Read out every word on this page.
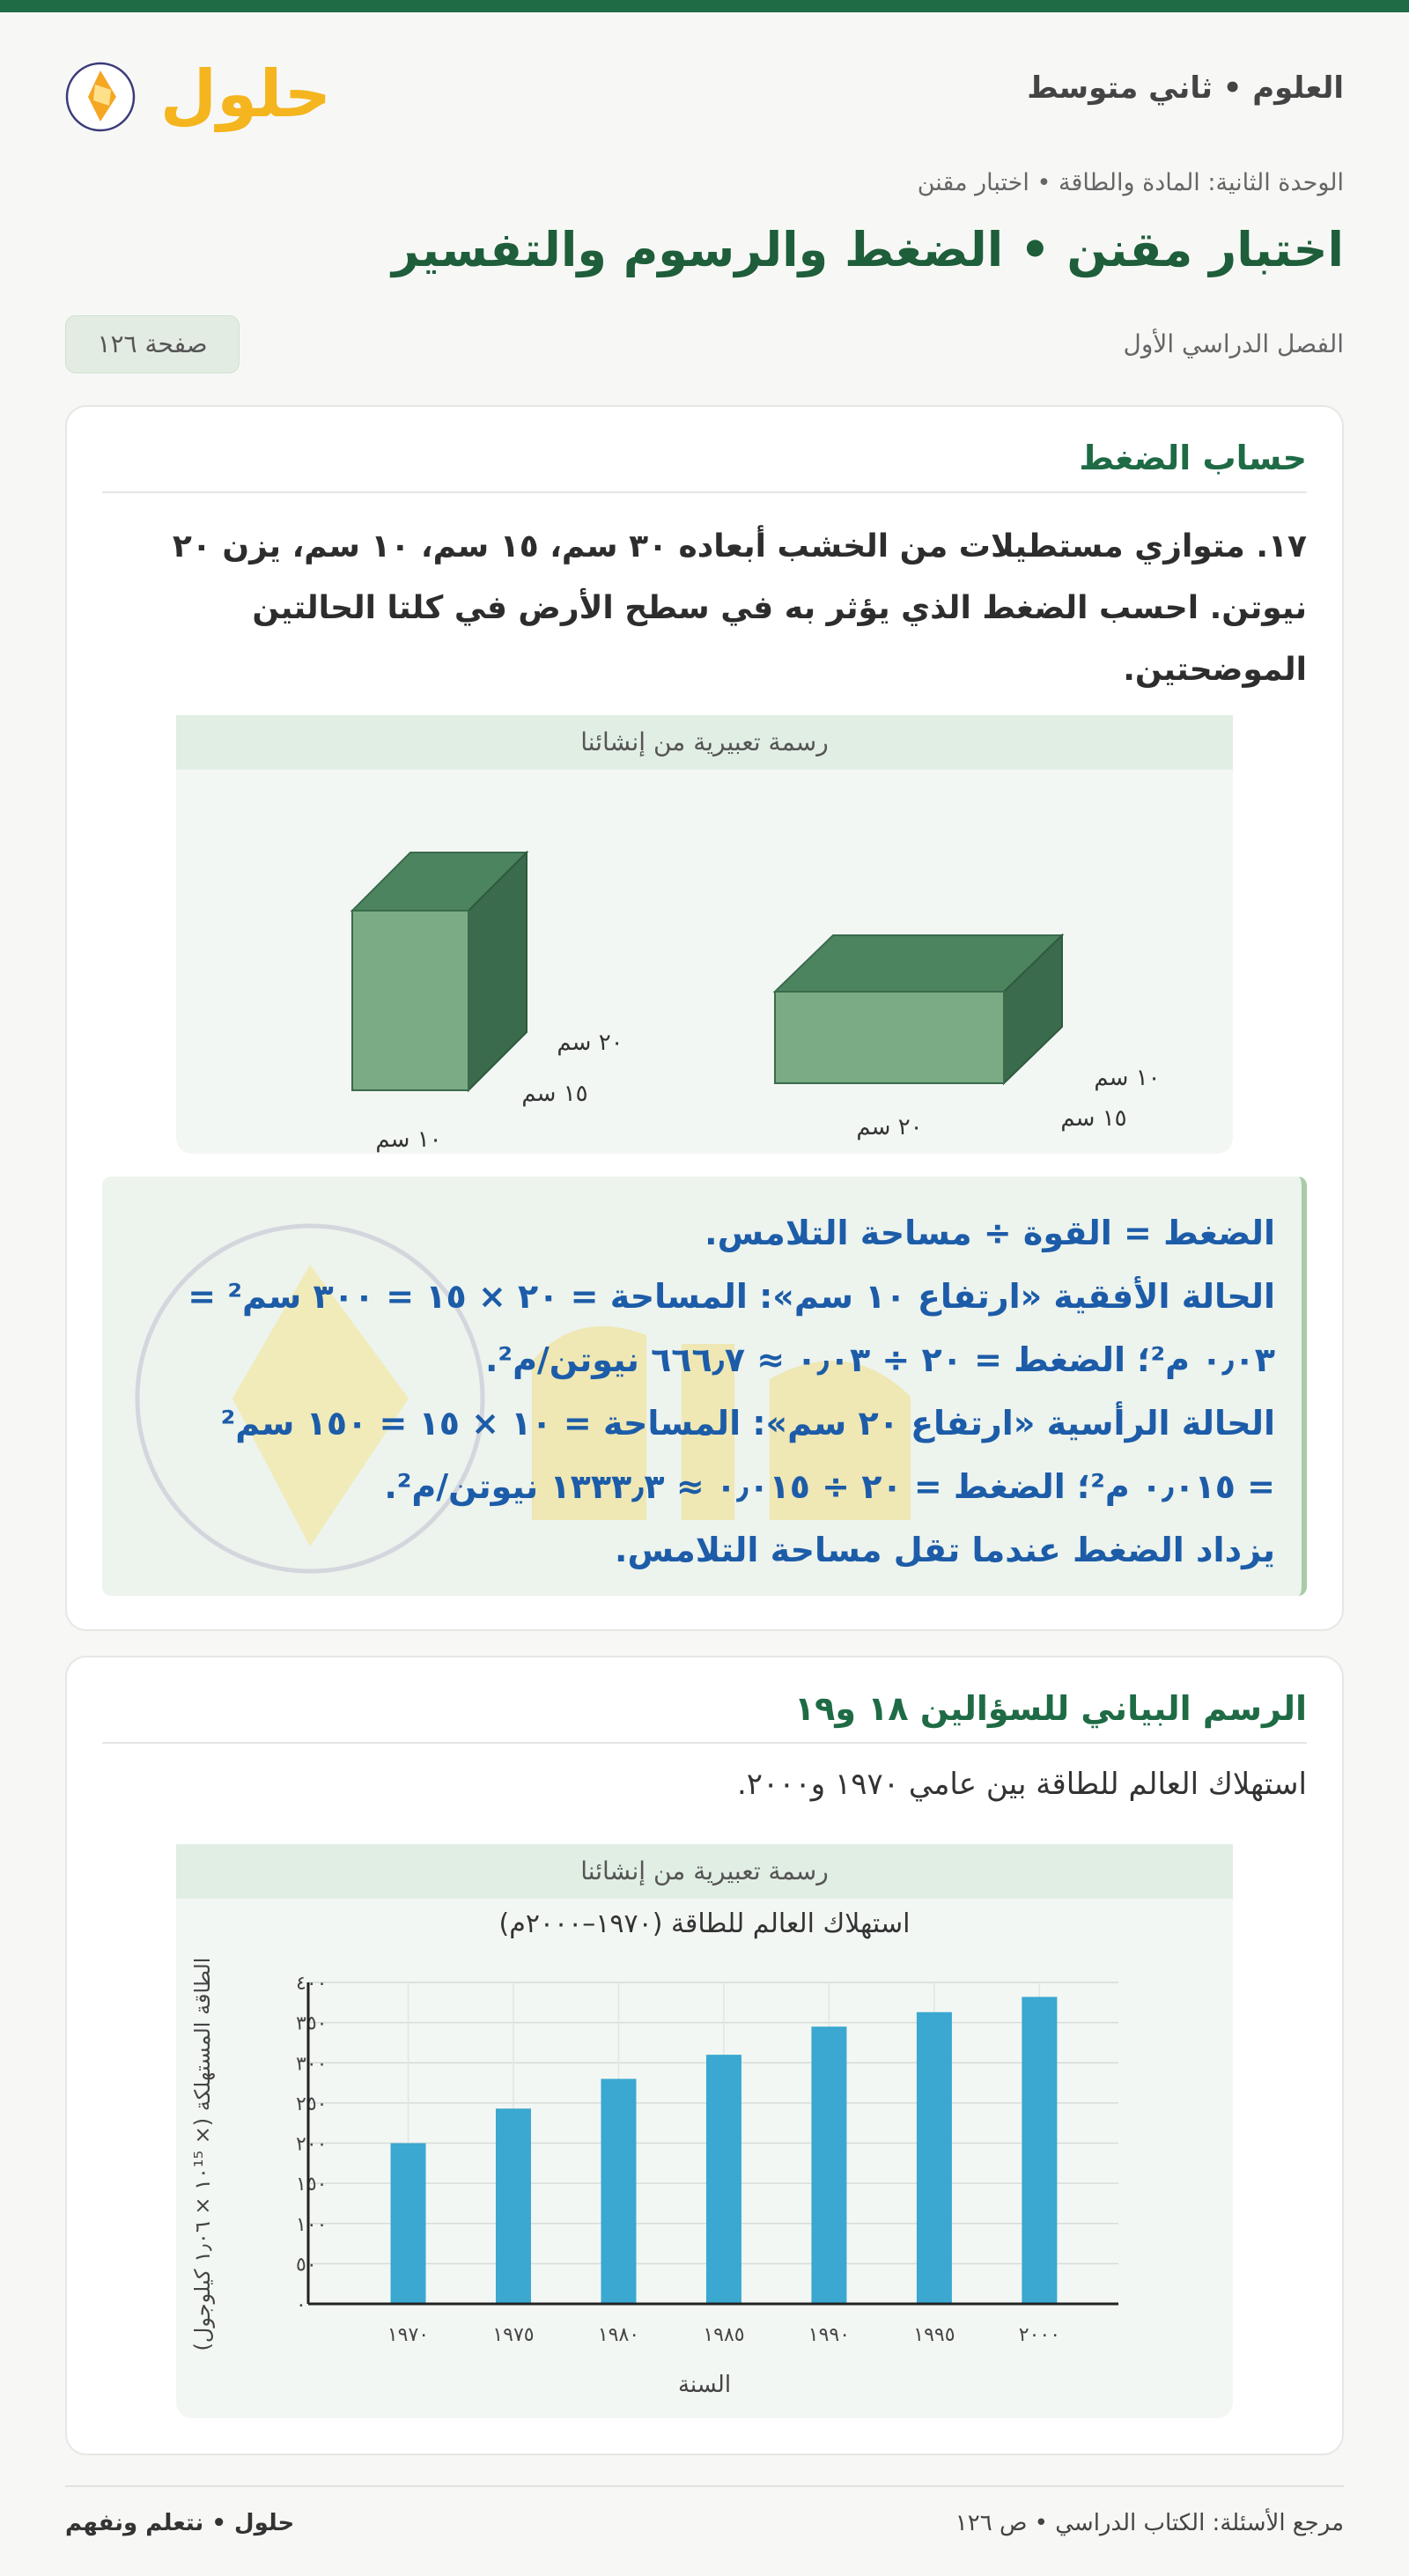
العلوم • ثاني متوسط
حلول
الوحدة الثانية: المادة والطاقة • اختبار مقنن
اختبار مقنن • الضغط والرسوم والتفسير
الفصل الدراسي الأول
صفحة ١٢٦
حساب الضغط
١٧. متوازي مستطيلات من الخشب أبعاده ٣٠ سم، ١٥ سم، ١٠ سم، يزن ٢٠ نيوتن. احسب الضغط الذي يؤثر به في سطح الأرض في كلتا الحالتين الموضحتين.
رسمة تعبيرية من إنشائنا
٢٠ سم
١٥ سم
١٠ سم
١٠ سم
١٥ سم
٢٠ سم
الضغط = القوة ÷ مساحة التلامس.
الحالة الأفقية «ارتفاع ١٠ سم»: المساحة = ٢٠ × ١٥ = ٣٠٠ سم² =
٠٫٠٣ م²؛ الضغط = ٢٠ ÷ ٠٫٠٣ ≈ ٦٦٦٫٧ نيوتن/م².
الحالة الرأسية «ارتفاع ٢٠ سم»: المساحة = ١٠ × ١٥ = ١٥٠ سم²
= ٠٫٠١٥ م²؛ الضغط = ٢٠ ÷ ٠٫٠١٥ ≈ ١٣٣٣٫٣ نيوتن/م².
يزداد الضغط عندما تقل مساحة التلامس.
الرسم البياني للسؤالين ١٨ و١٩
استهلاك العالم للطاقة بين عامي ١٩٧٠ و٢٠٠٠.
رسمة تعبيرية من إنشائنا
استهلاك العالم للطاقة (١٩٧٠–٢٠٠٠م)
٠
٥٠
١٠٠
١٥٠
٢٠٠
٢٥٠
٣٠٠
٣٥٠
٤٠٠
١٩٧٠	١٩٧٥	١٩٨٠	١٩٨٥	١٩٩٠	١٩٩٥	٢٠٠٠
السنة
الطاقة المستهلكة (× ١٠¹⁵ × ١٫٠٦ كيلوجول)
مرجع الأسئلة: الكتاب الدراسي • ص ١٢٦
حلول • نتعلم ونفهم
